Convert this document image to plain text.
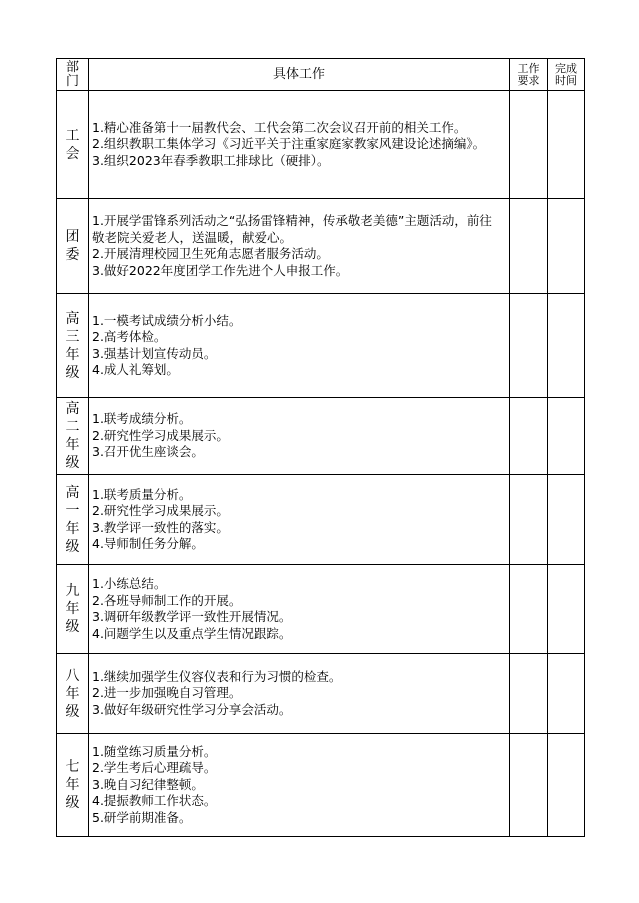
部门	具体工作	工作要求	完成时间
工会	1.精心准备第十一届教代会、工代会第二次会议召开前的相关工作。
2.组织教职工集体学习《习近平关于注重家庭家教家风建设论述摘编》。
3.组织2023年春季教职工排球比（硬排）。		

团委	1.开展学雷锋系列活动之“弘扬雷锋精神，传承敬老美德”主题活动，前往敬老院关爱老人，送温暖，献爱心。
2.开展清理校园卫生死角志愿者服务活动。
3.做好2022年度团学工作先进个人申报工作。		

高三年级	1.一模考试成绩分析小结。
2.高考体检。
3.强基计划宣传动员。
4.成人礼筹划。		

高二年级	1.联考成绩分析。
2.研究性学习成果展示。
3.召开优生座谈会。		

高一年级	1.联考质量分析。
2.研究性学习成果展示。
3.教学评一致性的落实。
4.导师制任务分解。		

九年级	1.小练总结。
2.各班导师制工作的开展。
3.调研年级教学评一致性开展情况。
4.问题学生以及重点学生情况跟踪。		

八年级	1.继续加强学生仪容仪表和行为习惯的检查。
2.进一步加强晚自习管理。
3.做好年级研究性学习分享会活动。		

七年级	1.随堂练习质量分析。
2.学生考后心理疏导。
3.晚自习纪律整顿。
4.提振教师工作状态。
5.研学前期准备。		
